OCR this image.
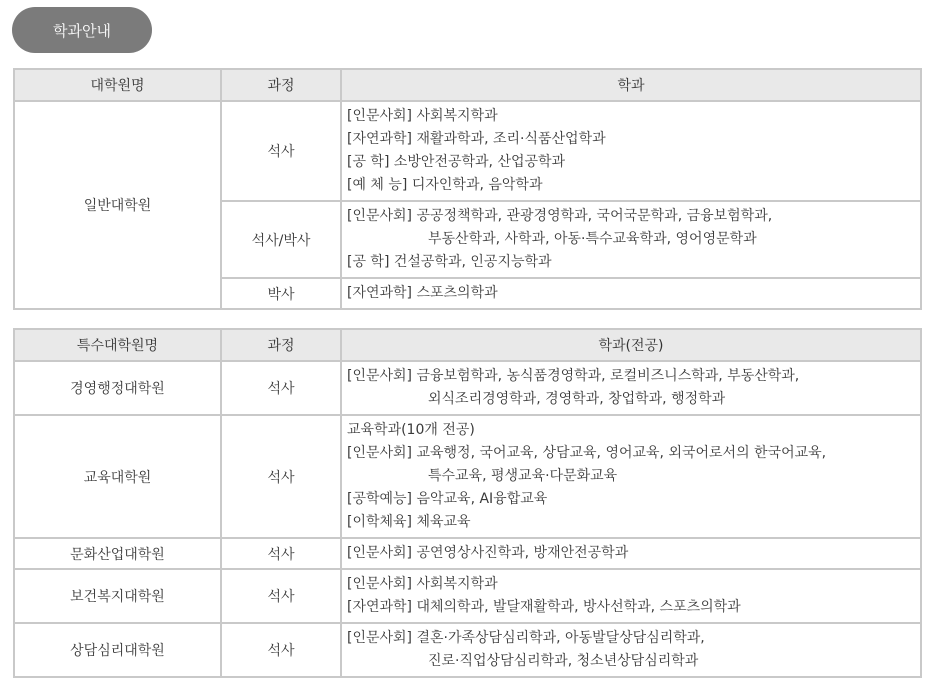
학과안내
대학원명	과정	학과
일반대학원	석사	[인문사회] 사회복지학과
[자연과학] 재활과학과, 조리·식품산업학과
[공 학] 소방안전공학과, 산업공학과
[예 체 능] 디자인학과, 음악학과

	석사/박사	[인문사회] 공공정책학과, 관광경영학과, 국어국문학과, 금융보험학과,
부동산학과, 사학과, 아동·특수교육학과, 영어영문학과
[공 학] 건설공학과, 인공지능학과

	박사	[자연과학] 스포츠의학과
특수대학원명	과정	학과(전공)
경영행정대학원	석사	[인문사회] 금융보험학과, 농식품경영학과, 로컬비즈니스학과, 부동산학과,
외식조리경영학과, 경영학과, 창업학과, 행정학과

교육대학원	석사	교육학과(10개 전공)
[인문사회] 교육행정, 국어교육, 상담교육, 영어교육, 외국어로서의 한국어교육,
특수교육, 평생교육·다문화교육
[공학예능] 음악교육, AI융합교육
[이학체육] 체육교육

문화산업대학원	석사	[인문사회] 공연영상사진학과, 방재안전공학과

보건복지대학원	석사	[인문사회] 사회복지학과
[자연과학] 대체의학과, 발달재활학과, 방사선학과, 스포츠의학과

상담심리대학원	석사	[인문사회] 결혼·가족상담심리학과, 아동발달상담심리학과,
진로·직업상담심리학과, 청소년상담심리학과
